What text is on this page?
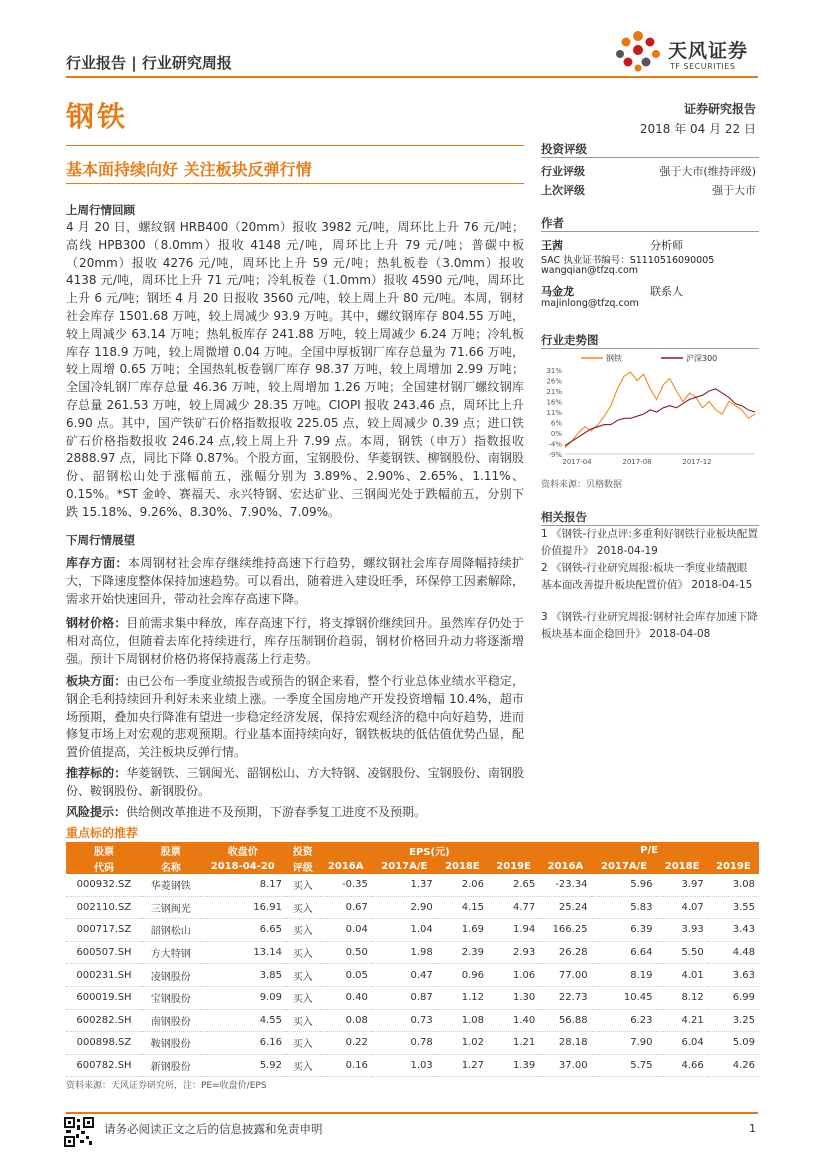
天风证券
TF SECURITIES
行业报告 | 行业研究周报
钢铁	证券研究报告
2018 年 04 月 22 日
基本面持续向好 关注板块反弹行情
上周行情回顾
4 月 20 日，螺纹钢 HRB400（20mm）报收 3982 元/吨，周环比上升 76 元/吨；高线 HPB300（8.0mm）报收 4148 元/吨，周环比上升 79 元/吨；普碳中板（20mm）报收 4276 元/吨，周环比上升 59 元/吨；热轧板卷（3.0mm）报收 4138 元/吨，周环比上升 71 元/吨；冷轧板卷（1.0mm）报收 4590 元/吨，周环比上升 6 元/吨；钢坯 4 月 20 日报收 3560 元/吨，较上周上升 80 元/吨。本周，钢材社会库存 1501.68 万吨，较上周减少 93.9 万吨。其中，螺纹钢库存 804.55 万吨，较上周减少 63.14 万吨；热轧板库存 241.88 万吨，较上周减少 6.24 万吨；冷轧板库存 118.9 万吨，较上周微增 0.04 万吨。全国中厚板钢厂库存总量为 71.66 万吨，较上周增 0.65 万吨；全国热轧板卷钢厂库存 98.37 万吨，较上周增加 2.99 万吨；全国冷轧钢厂库存总量 46.36 万吨，较上周增加 1.26 万吨；全国建材钢厂螺纹钢库存总量 261.53 万吨，较上周减少 28.35 万吨。CIOPI 报收 243.46 点，周环比上升 6.90 点。其中，国产铁矿石价格指数报收 225.05 点，较上周减少 0.39 点；进口铁矿石价格指数报收 246.24 点,较上周上升 7.99 点。本周，钢铁（申万）指数报收 2888.97 点，同比下降 0.87%。个股方面，宝钢股份、华菱钢铁、柳钢股份、南钢股份、韶钢松山处于涨幅前五，涨幅分别为 3.89%、2.90%、2.65%、1.11%、0.15%。*ST 金岭、赛福天、永兴特钢、宏达矿业、三钢闽光处于跌幅前五，分别下跌 15.18%、9.26%、8.30%、7.90%、7.09%。
下周行情展望
库存方面：本周钢材社会库存继续维持高速下行趋势，螺纹钢社会库存周降幅持续扩大，下降速度整体保持加速趋势。可以看出，随着进入建设旺季，环保停工因素解除，需求开始快速回升，带动社会库存高速下降。
钢材价格：目前需求集中释放，库存高速下行，将支撑钢价继续回升。虽然库存仍处于相对高位，但随着去库化持续进行，库存压制钢价趋弱，钢材价格回升动力将逐渐增强。预计下周钢材价格仍将保持震荡上行走势。
板块方面：由已公布一季度业绩报告或预告的钢企来看，整个行业总体业绩水平稳定，钢企毛利持续回升利好未来业绩上涨。一季度全国房地产开发投资增幅 10.4%，超市场预期，叠加央行降准有望进一步稳定经济发展，保持宏观经济的稳中向好趋势，进而修复市场上对宏观的悲观预期。行业基本面持续向好，钢铁板块的低估值优势凸显，配置价值提高，关注板块反弹行情。
推荐标的：华菱钢铁、三钢闽光、韶钢松山、方大特钢、凌钢股份、宝钢股份、南钢股份、鞍钢股份、新钢股份。
风险提示：供给侧改革推进不及预期，下游春季复工进度不及预期。
投资评级
行业评级	强于大市(维持评级)
上次评级	强于大市
作者
王茜	分析师
SAC 执业证书编号：S1110516090005
wangqian@tfzq.com
马金龙	联系人
majinlong@tfzq.com
行业走势图
31%
26%
21%
16%
11%
6%
0%
-4%
-9%
2017-04	2017-08	2017-12
钢铁	沪深300
资料来源：贝格数据
相关报告
1 《钢铁-行业点评:多重利好钢铁行业板块配置价值提升》 2018-04-19
2 《钢铁-行业研究周报:板块一季度业绩靓眼 基本面改善提升板块配置价值》 2018-04-15
3 《钢铁-行业研究周报:钢材社会库存加速下降 板块基本面企稳回升》 2018-04-08
重点标的推荐
股票	股票	收盘价	投资	EPS(元)				P/E			
代码	名称	2018-04-20	评级	2016A	2017A/E	2018E	2019E	2016A	2017A/E	2018E	2019E
000932.SZ	华菱钢铁	8.17	买入	-0.35	1.37	2.06	2.65	-23.34	5.96	3.97	3.08
002110.SZ	三钢闽光	16.91	买入	0.67	2.90	4.15	4.77	25.24	5.83	4.07	3.55
000717.SZ	韶钢松山	6.65	买入	0.04	1.04	1.69	1.94	166.25	6.39	3.93	3.43
600507.SH	方大特钢	13.14	买入	0.50	1.98	2.39	2.93	26.28	6.64	5.50	4.48
000231.SH	凌钢股份	3.85	买入	0.05	0.47	0.96	1.06	77.00	8.19	4.01	3.63
600019.SH	宝钢股份	9.09	买入	0.40	0.87	1.12	1.30	22.73	10.45	8.12	6.99
600282.SH	南钢股份	4.55	买入	0.08	0.73	1.08	1.40	56.88	6.23	4.21	3.25
000898.SZ	鞍钢股份	6.16	买入	0.22	0.78	1.02	1.21	28.18	7.90	6.04	5.09
600782.SH	新钢股份	5.92	买入	0.16	1.03	1.27	1.39	37.00	5.75	4.66	4.26
资料来源：天风证券研究所，注：PE=收盘价/EPS
请务必阅读正文之后的信息披露和免责申明	1
